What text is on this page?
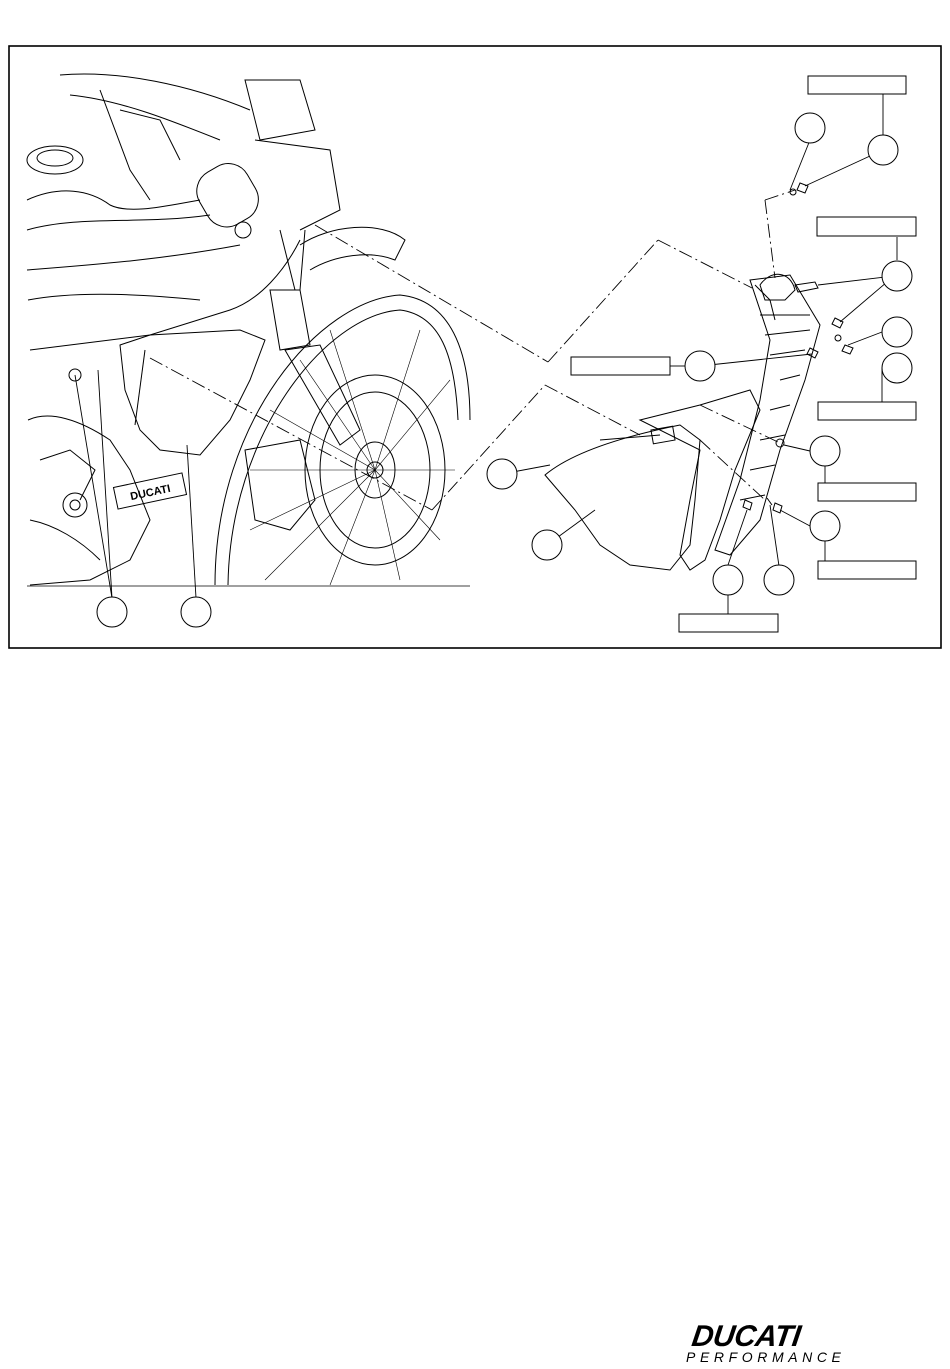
DUCATI
DUCATI
PERFORMANCE
